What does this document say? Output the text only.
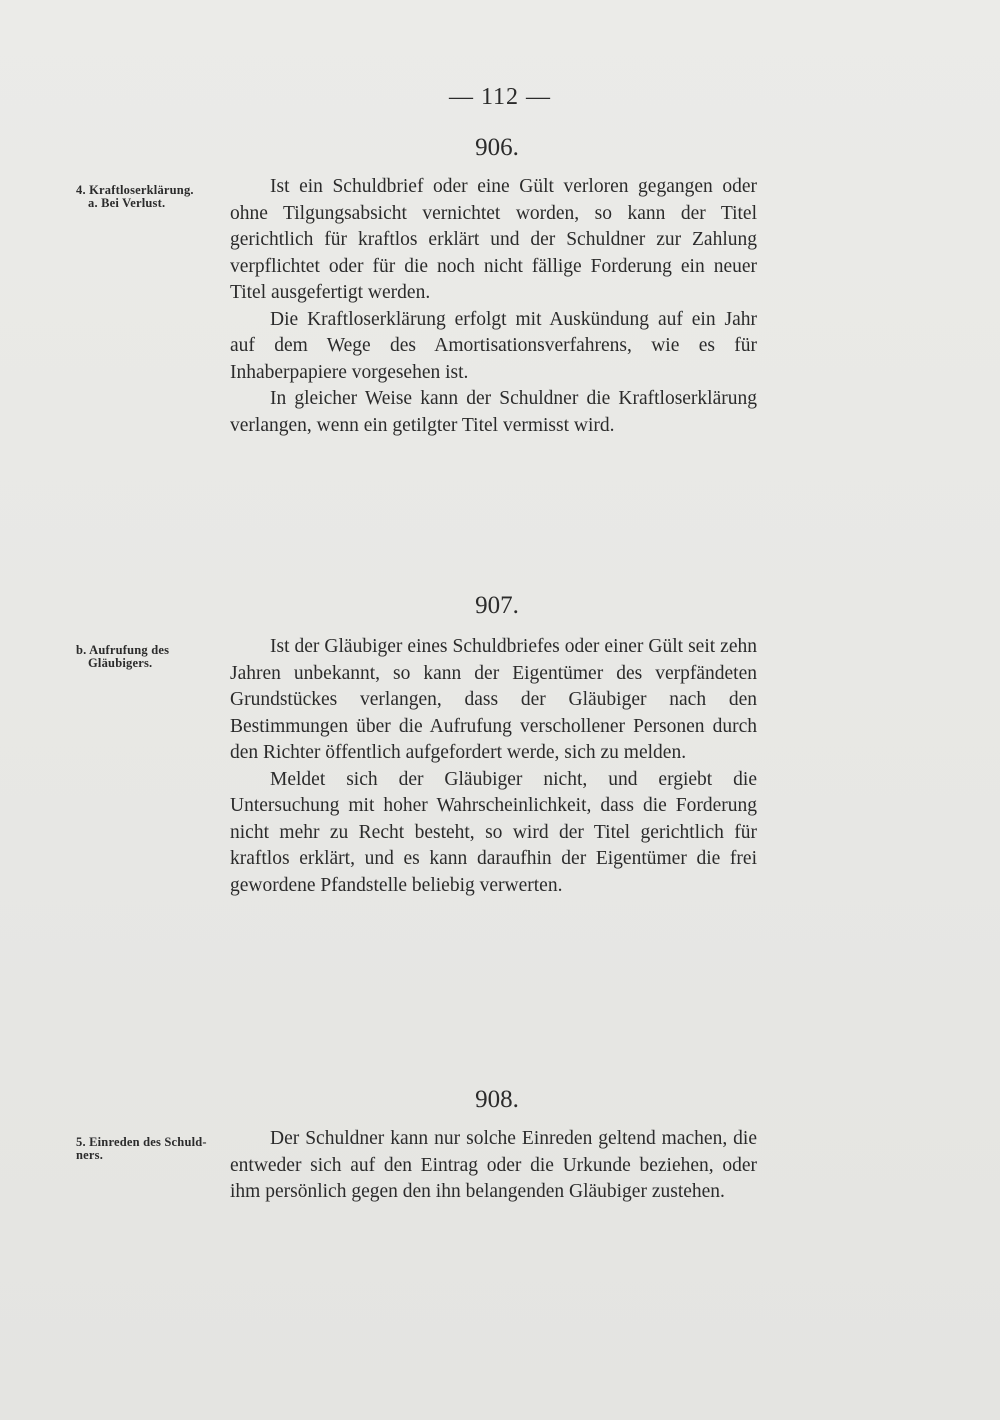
— 112 —
906.
4. Kraftloserklärung.
a. Bei Verlust.

Ist ein Schuldbrief oder eine Gült verloren gegangen oder ohne Tilgungsabsicht vernichtet worden, so kann der Titel gerichtlich für kraftlos erklärt und der Schuldner zur Zahlung verpflichtet oder für die noch nicht fällige Forderung ein neuer Titel ausgefertigt werden.

Die Kraftloserklärung erfolgt mit Auskündung auf ein Jahr auf dem Wege des Amortisationsverfahrens, wie es für Inhaberpapiere vorgesehen ist.

In gleicher Weise kann der Schuldner die Kraftloserklärung verlangen, wenn ein getilgter Titel vermisst wird.

907.
b. Aufrufung des
Gläubigers.

Ist der Gläubiger eines Schuldbriefes oder einer Gült seit zehn Jahren unbekannt, so kann der Eigentümer des verpfändeten Grundstückes verlangen, dass der Gläubiger nach den Bestimmungen über die Aufrufung verschollener Personen durch den Richter öffentlich aufgefordert werde, sich zu melden.

Meldet sich der Gläubiger nicht, und ergiebt die Untersuchung mit hoher Wahrscheinlichkeit, dass die Forderung nicht mehr zu Recht besteht, so wird der Titel gerichtlich für kraftlos erklärt, und es kann daraufhin der Eigentümer die frei gewordene Pfandstelle beliebig verwerten.

908.
5. Einreden des Schuld-
ners.

Der Schuldner kann nur solche Einreden geltend machen, die entweder sich auf den Eintrag oder die Urkunde beziehen, oder ihm persönlich gegen den ihn belangenden Gläubiger zustehen.
